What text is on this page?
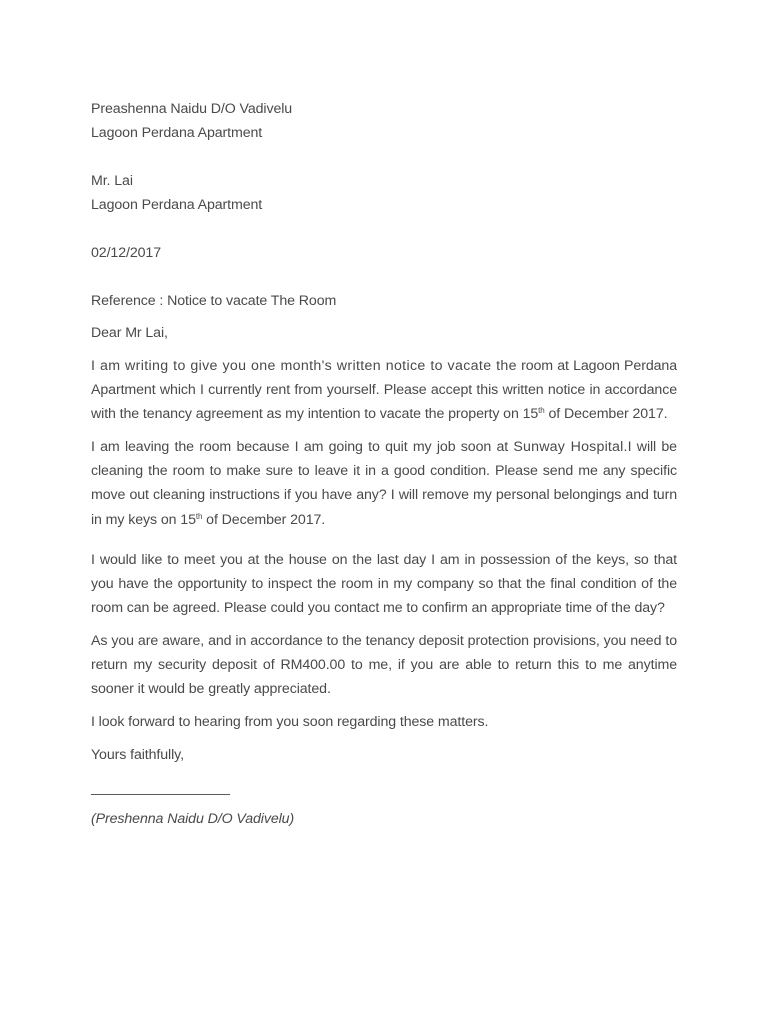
Preashenna Naidu D/O Vadivelu
Lagoon Perdana Apartment
Mr. Lai
Lagoon Perdana Apartment
02/12/2017
Reference : Notice to vacate The Room
Dear Mr Lai,

I am writing to give you one month's written notice to vacate the room at Lagoon Perdana Apartment which I currently rent from yourself. Please accept this written notice in accordance with the tenancy agreement as my intention to vacate the property on 15th of December 2017.

I am leaving the room because I am going to quit my job soon at Sunway Hospital.I will be cleaning the room to make sure to leave it in a good condition. Please send me any specific move out cleaning instructions if you have any? I will remove my personal belongings and turn in my keys on 15th of December 2017.

I would like to meet you at the house on the last day I am in possession of the keys, so that you have the opportunity to inspect the room in my company so that the final condition of the room can be agreed. Please could you contact me to confirm an appropriate time of the day?

As you are aware, and in accordance to the tenancy deposit protection provisions, you need to return my security deposit of RM400.00 to me, if you are able to return this to me anytime sooner it would be greatly appreciated.

I look forward to hearing from you soon regarding these matters.

Yours faithfully,
(Preshenna Naidu D/O Vadivelu)
